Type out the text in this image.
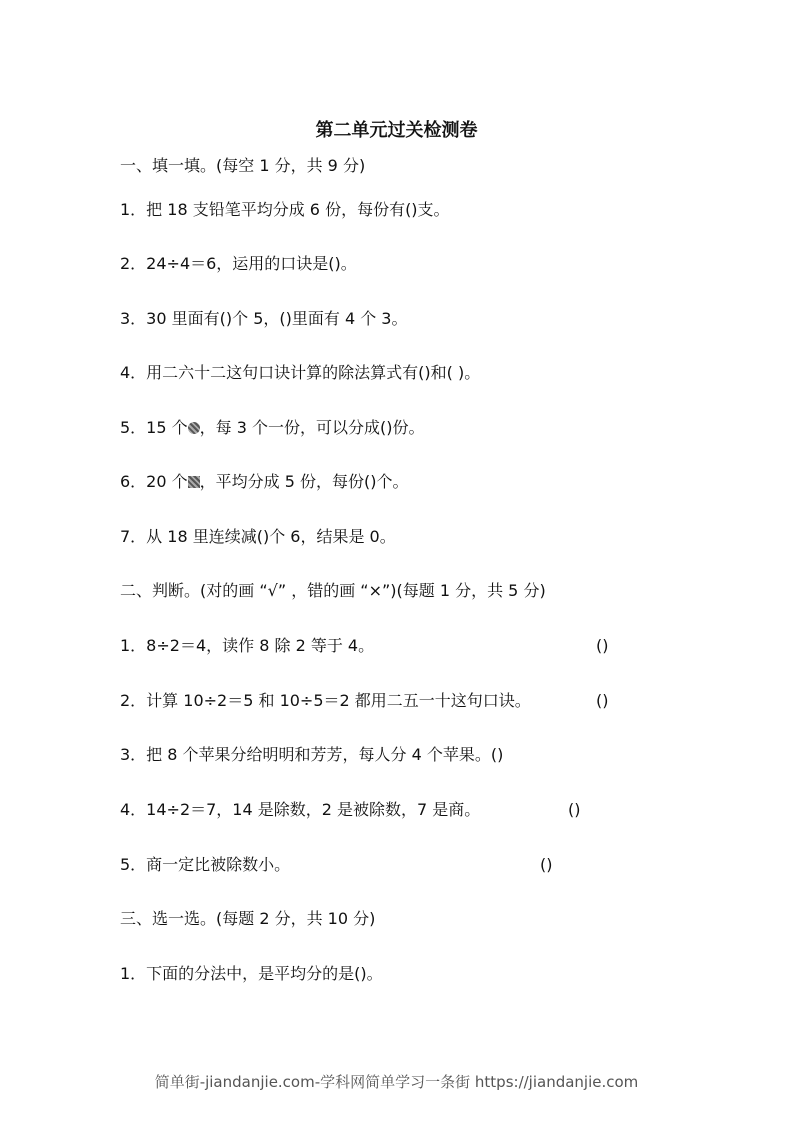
第二单元过关检测卷
一、填一填。(每空 1 分，共 9 分)
1．把 18 支铅笔平均分成 6 份，每份有()支。
2．24÷4＝6，运用的口诀是()。
3．30 里面有()个 5，()里面有 4 个 3。
4．用二六十二这句口诀计算的除法算式有()和( )。
5．15 个 ，每 3 个一份，可以分成()份。
6．20 个 ，平均分成 5 份，每份()个。
7．从 18 里连续减()个 6，结果是 0。
二、判断。(对的画 “√” ，错的画 “×”)(每题 1 分，共 5 分)
1．8÷2＝4，读作 8 除 2 等于 4。	()
2．计算 10÷2＝5 和 10÷5＝2 都用二五一十这句口诀。	()
3．把 8 个苹果分给明明和芳芳，每人分 4 个苹果。()
4．14÷2＝7，14 是除数，2 是被除数，7 是商。	()
5．商一定比被除数小。	()
三、选一选。(每题 2 分，共 10 分)
1．下面的分法中，是平均分的是()。
简单街-jiandanjie.com-学科网简单学习一条街 https://jiandanjie.com
